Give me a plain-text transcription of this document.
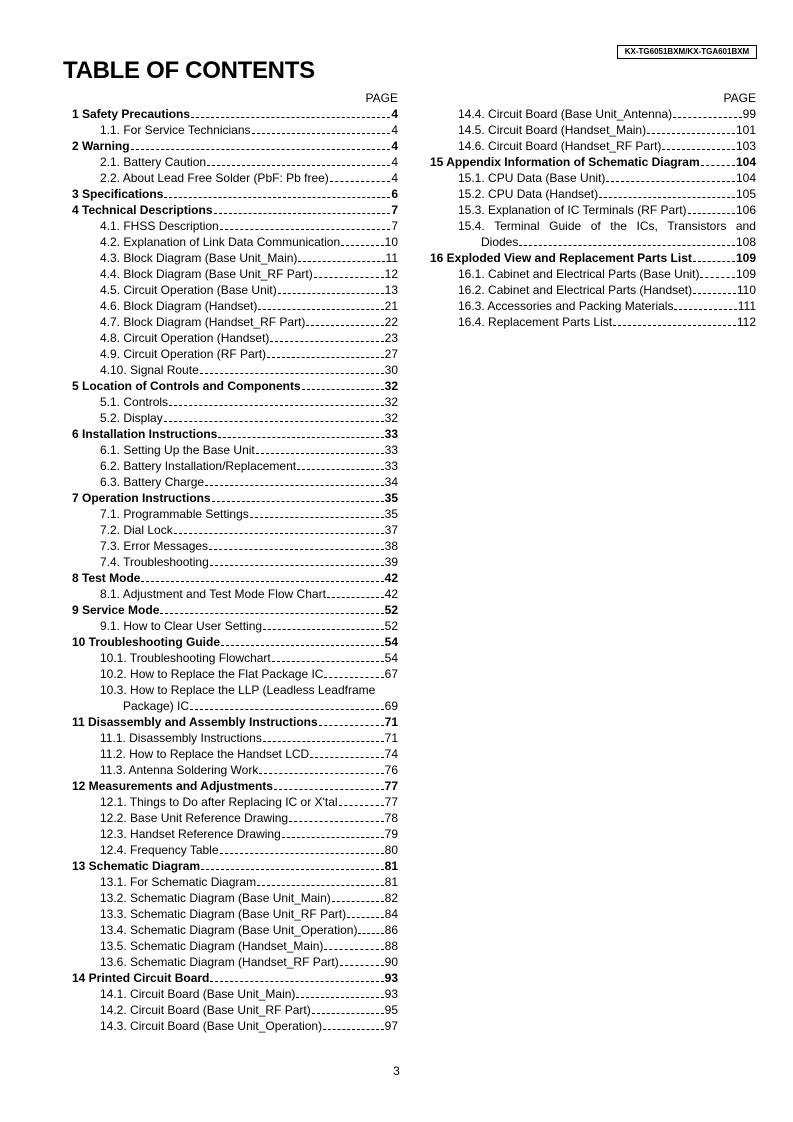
KX-TG6051BXM/KX-TGA601BXM
TABLE OF CONTENTS
PAGE
1 Safety Precautions	4
1.1. For Service Technicians	4
2 Warning	4
2.1. Battery Caution	4
2.2. About Lead Free Solder (PbF: Pb free)	4
3 Specifications	6
4 Technical Descriptions	7
4.1. FHSS Description	7
4.2. Explanation of Link Data Communication	10
4.3. Block Diagram (Base Unit_Main)	11
4.4. Block Diagram (Base Unit_RF Part)	12
4.5. Circuit Operation (Base Unit)	13
4.6. Block Diagram (Handset)	21
4.7. Block Diagram (Handset_RF Part)	22
4.8. Circuit Operation (Handset)	23
4.9. Circuit Operation (RF Part)	27
4.10. Signal Route	30
5 Location of Controls and Components	32
5.1. Controls	32
5.2. Display	32
6 Installation Instructions	33
6.1. Setting Up the Base Unit	33
6.2. Battery Installation/Replacement	33
6.3. Battery Charge	34
7 Operation Instructions	35
7.1. Programmable Settings	35
7.2. Dial Lock	37
7.3. Error Messages	38
7.4. Troubleshooting	39
8 Test Mode	42
8.1. Adjustment and Test Mode Flow Chart	42
9 Service Mode	52
9.1. How to Clear User Setting	52
10 Troubleshooting Guide	54
10.1. Troubleshooting Flowchart	54
10.2. How to Replace the Flat Package IC	67
10.3. How to Replace the LLP (Leadless Leadframe
Package) IC	69
11 Disassembly and Assembly Instructions	71
11.1. Disassembly Instructions	71
11.2. How to Replace the Handset LCD	74
11.3. Antenna Soldering Work	76
12 Measurements and Adjustments	77
12.1. Things to Do after Replacing IC or X'tal	77
12.2. Base Unit Reference Drawing	78
12.3. Handset Reference Drawing	79
12.4. Frequency Table	80
13 Schematic Diagram	81
13.1. For Schematic Diagram	81
13.2. Schematic Diagram (Base Unit_Main)	82
13.3. Schematic Diagram (Base Unit_RF Part)	84
13.4. Schematic Diagram (Base Unit_Operation) 86
13.5. Schematic Diagram (Handset_Main)	88
13.6. Schematic Diagram (Handset_RF Part)	90
14 Printed Circuit Board	93
14.1. Circuit Board (Base Unit_Main)	93
14.2. Circuit Board (Base Unit_RF Part)	95
14.3. Circuit Board (Base Unit_Operation)	97
PAGE
14.4. Circuit Board (Base Unit_Antenna)	99
14.5. Circuit Board (Handset_Main)	101
14.6. Circuit Board (Handset_RF Part)	103
15 Appendix Information of Schematic Diagram	104
15.1. CPU Data (Base Unit)	104
15.2. CPU Data (Handset)	105
15.3. Explanation of IC Terminals (RF Part)	106
15.4. Terminal Guide of the ICs, Transistors and
Diodes	108
16 Exploded View and Replacement Parts List	109
16.1. Cabinet and Electrical Parts (Base Unit)	109
16.2. Cabinet and Electrical Parts (Handset)	110
16.3. Accessories and Packing Materials	111
16.4. Replacement Parts List	112
3
